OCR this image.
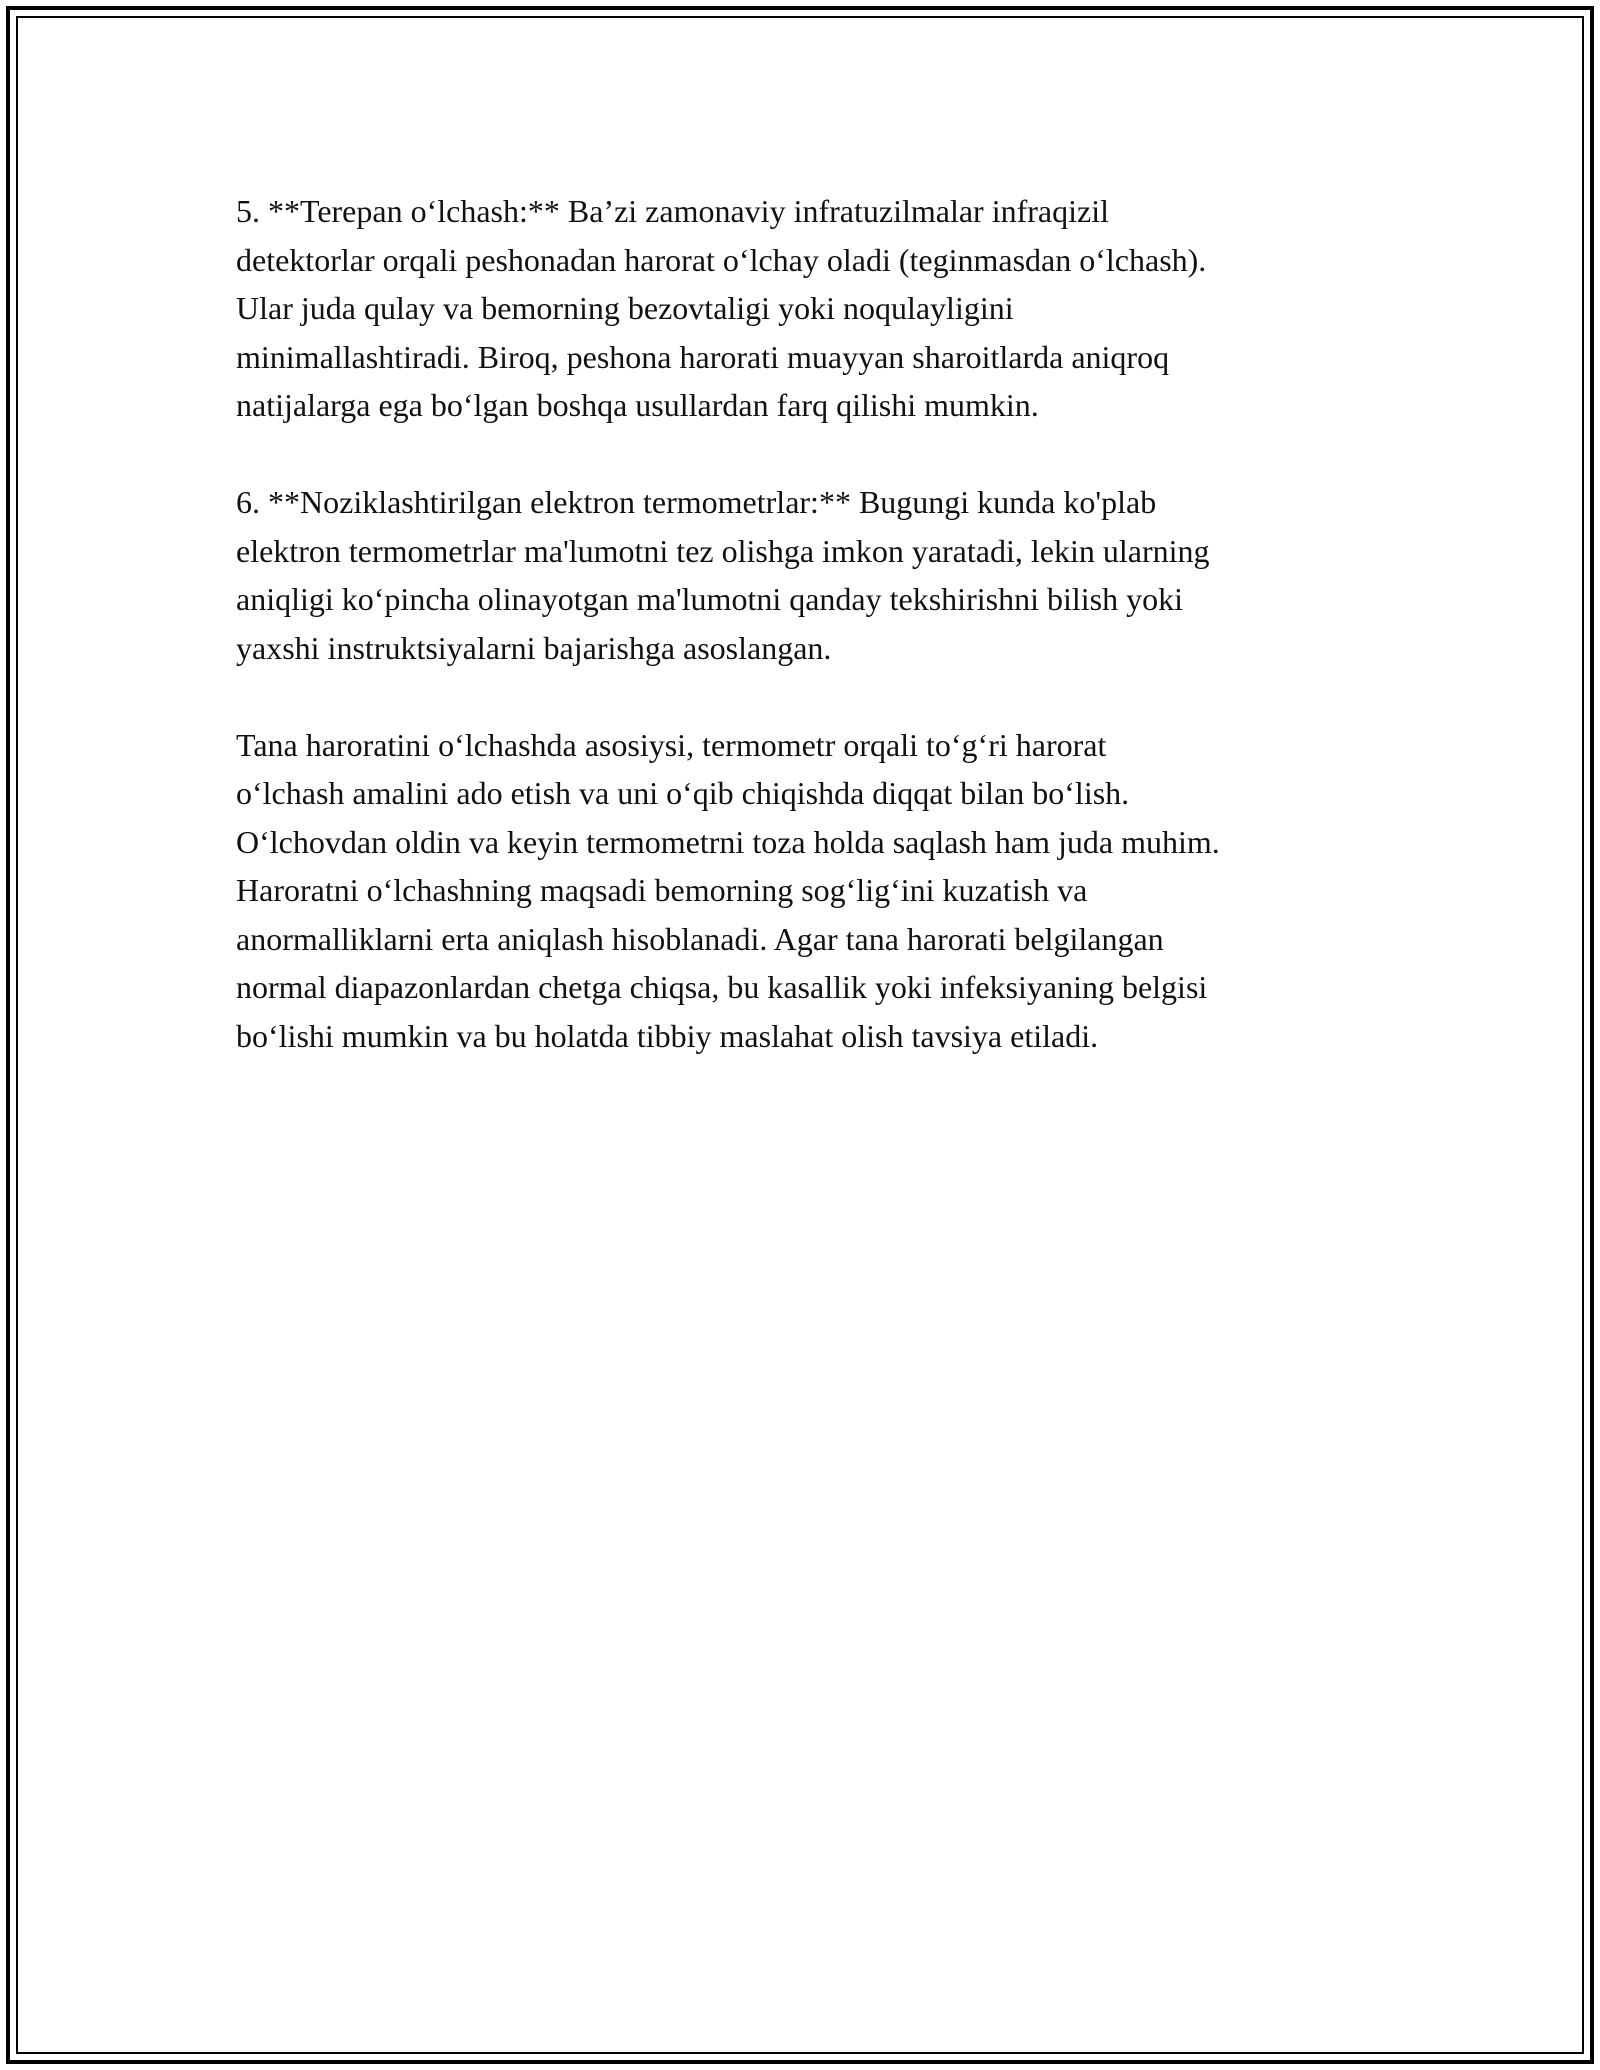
5. **Terepan o‘lchash:** Ba’zi zamonaviy infratuzilmalar infraqizil
detektorlar orqali peshonadan harorat o‘lchay oladi (teginmasdan o‘lchash).
Ular juda qulay va bemorning bezovtaligi yoki noqulayligini
minimallashtiradi. Biroq, peshona harorati muayyan sharoitlarda aniqroq
natijalarga ega bo‘lgan boshqa usullardan farq qilishi mumkin.

6. **Noziklashtirilgan elektron termometrlar:** Bugungi kunda ko'plab
elektron termometrlar ma'lumotni tez olishga imkon yaratadi, lekin ularning
aniqligi ko‘pincha olinayotgan ma'lumotni qanday tekshirishni bilish yoki
yaxshi instruktsiyalarni bajarishga asoslangan.

Tana haroratini o‘lchashda asosiysi, termometr orqali to‘g‘ri harorat
o‘lchash amalini ado etish va uni o‘qib chiqishda diqqat bilan bo‘lish.
O‘lchovdan oldin va keyin termometrni toza holda saqlash ham juda muhim.
Haroratni o‘lchashning maqsadi bemorning sog‘lig‘ini kuzatish va
anormalliklarni erta aniqlash hisoblanadi. Agar tana harorati belgilangan
normal diapazonlardan chetga chiqsa, bu kasallik yoki infeksiyaning belgisi
bo‘lishi mumkin va bu holatda tibbiy maslahat olish tavsiya etiladi.
